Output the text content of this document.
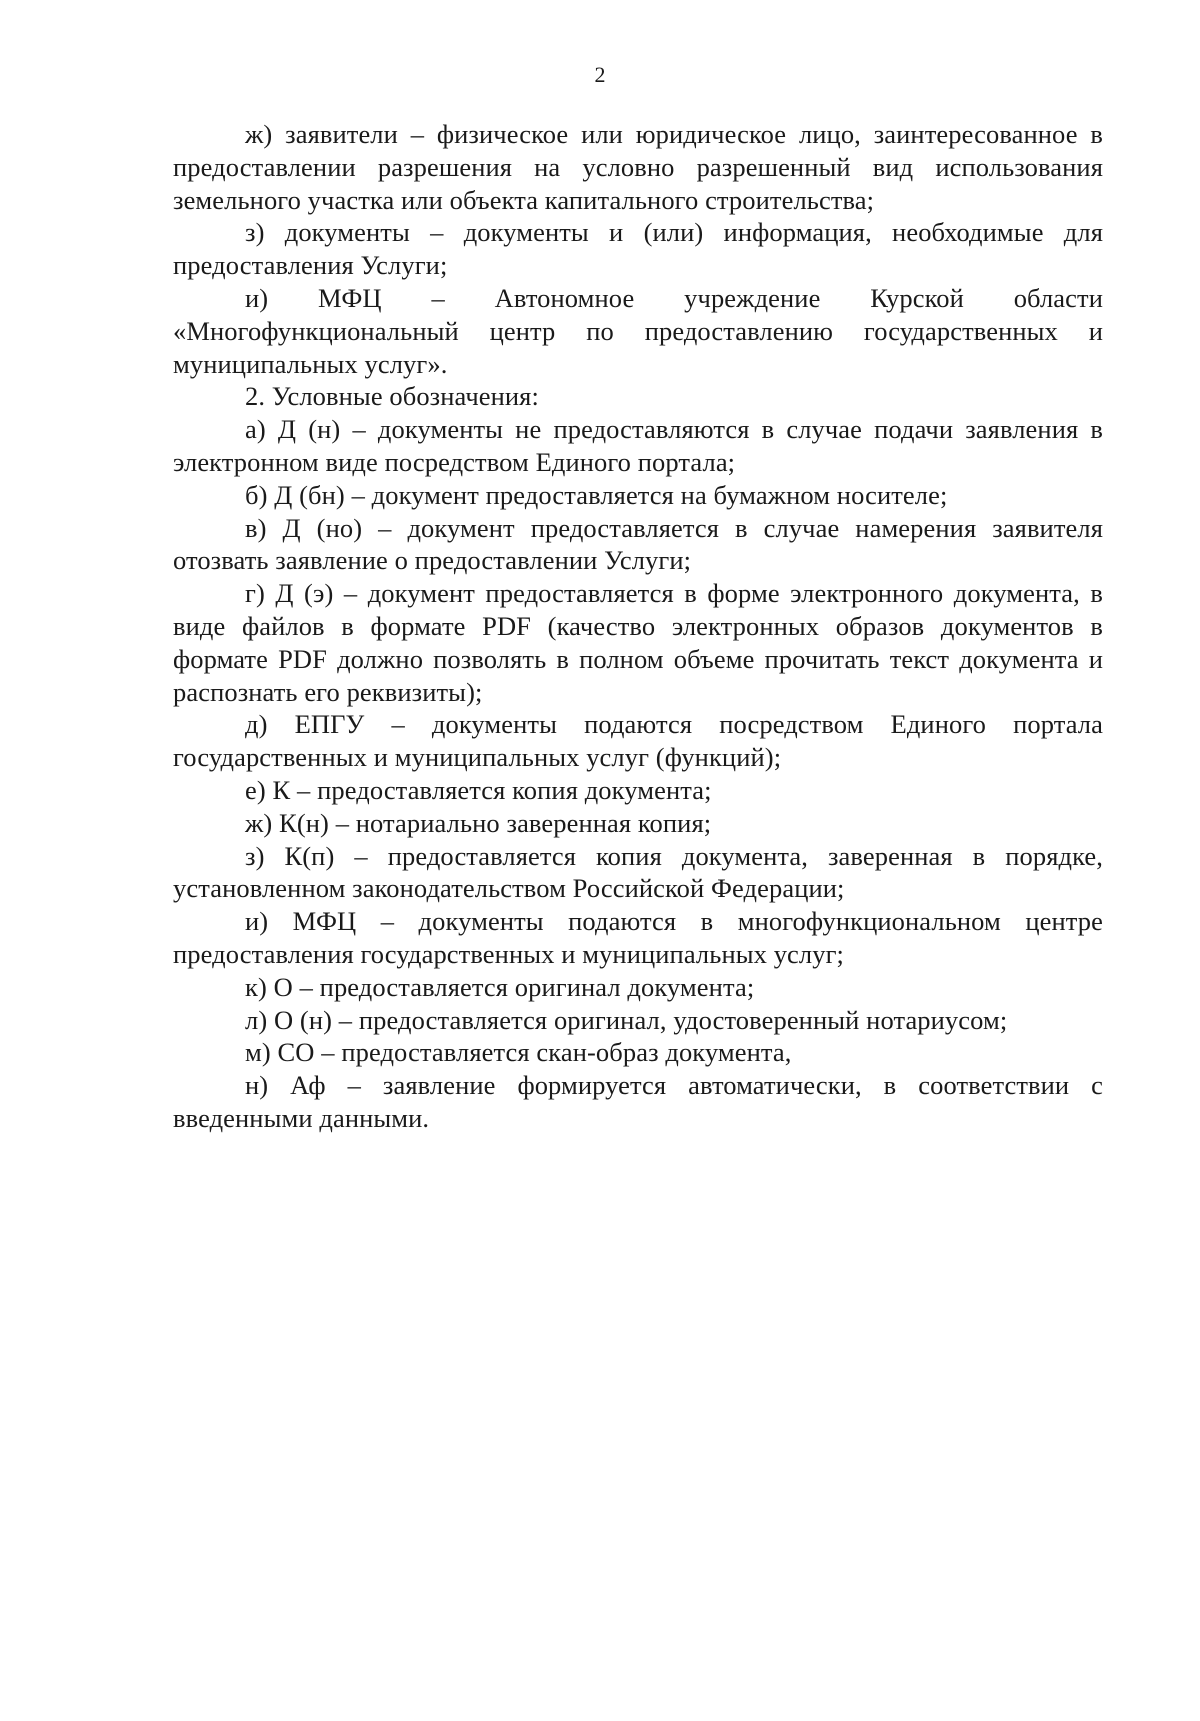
2

ж) заявители – физическое или юридическое лицо, заинтересованное в предоставлении разрешения на условно разрешенный вид использования земельного участка или объекта капитального строительства;

з) документы – документы и (или) информация, необходимые для предоставления Услуги;

и) МФЦ – Автономное учреждение Курской области «Многофункциональный центр по предоставлению государственных и муниципальных услуг».

2. Условные обозначения:

а) Д (н) – документы не предоставляются в случае подачи заявления в электронном виде посредством Единого портала;

б) Д (бн) – документ предоставляется на бумажном носителе;

в) Д (но) – документ предоставляется в случае намерения заявителя отозвать заявление о предоставлении Услуги;

г) Д (э) – документ предоставляется в форме электронного документа, в виде файлов в формате PDF (качество электронных образов документов в формате PDF должно позволять в полном объеме прочитать текст документа и распознать его реквизиты);

д) ЕПГУ – документы подаются посредством Единого портала государственных и муниципальных услуг (функций);

е) К – предоставляется копия документа;

ж) К(н) – нотариально заверенная копия;

з) К(п) – предоставляется копия документа, заверенная в порядке, установленном законодательством Российской Федерации;

и) МФЦ – документы подаются в многофункциональном центре предоставления государственных и муниципальных услуг;

к) О – предоставляется оригинал документа;

л) О (н) – предоставляется оригинал, удостоверенный нотариусом;

м) СО – предоставляется скан-образ документа,

н) Аф – заявление формируется автоматически, в соответствии с введенными данными.
